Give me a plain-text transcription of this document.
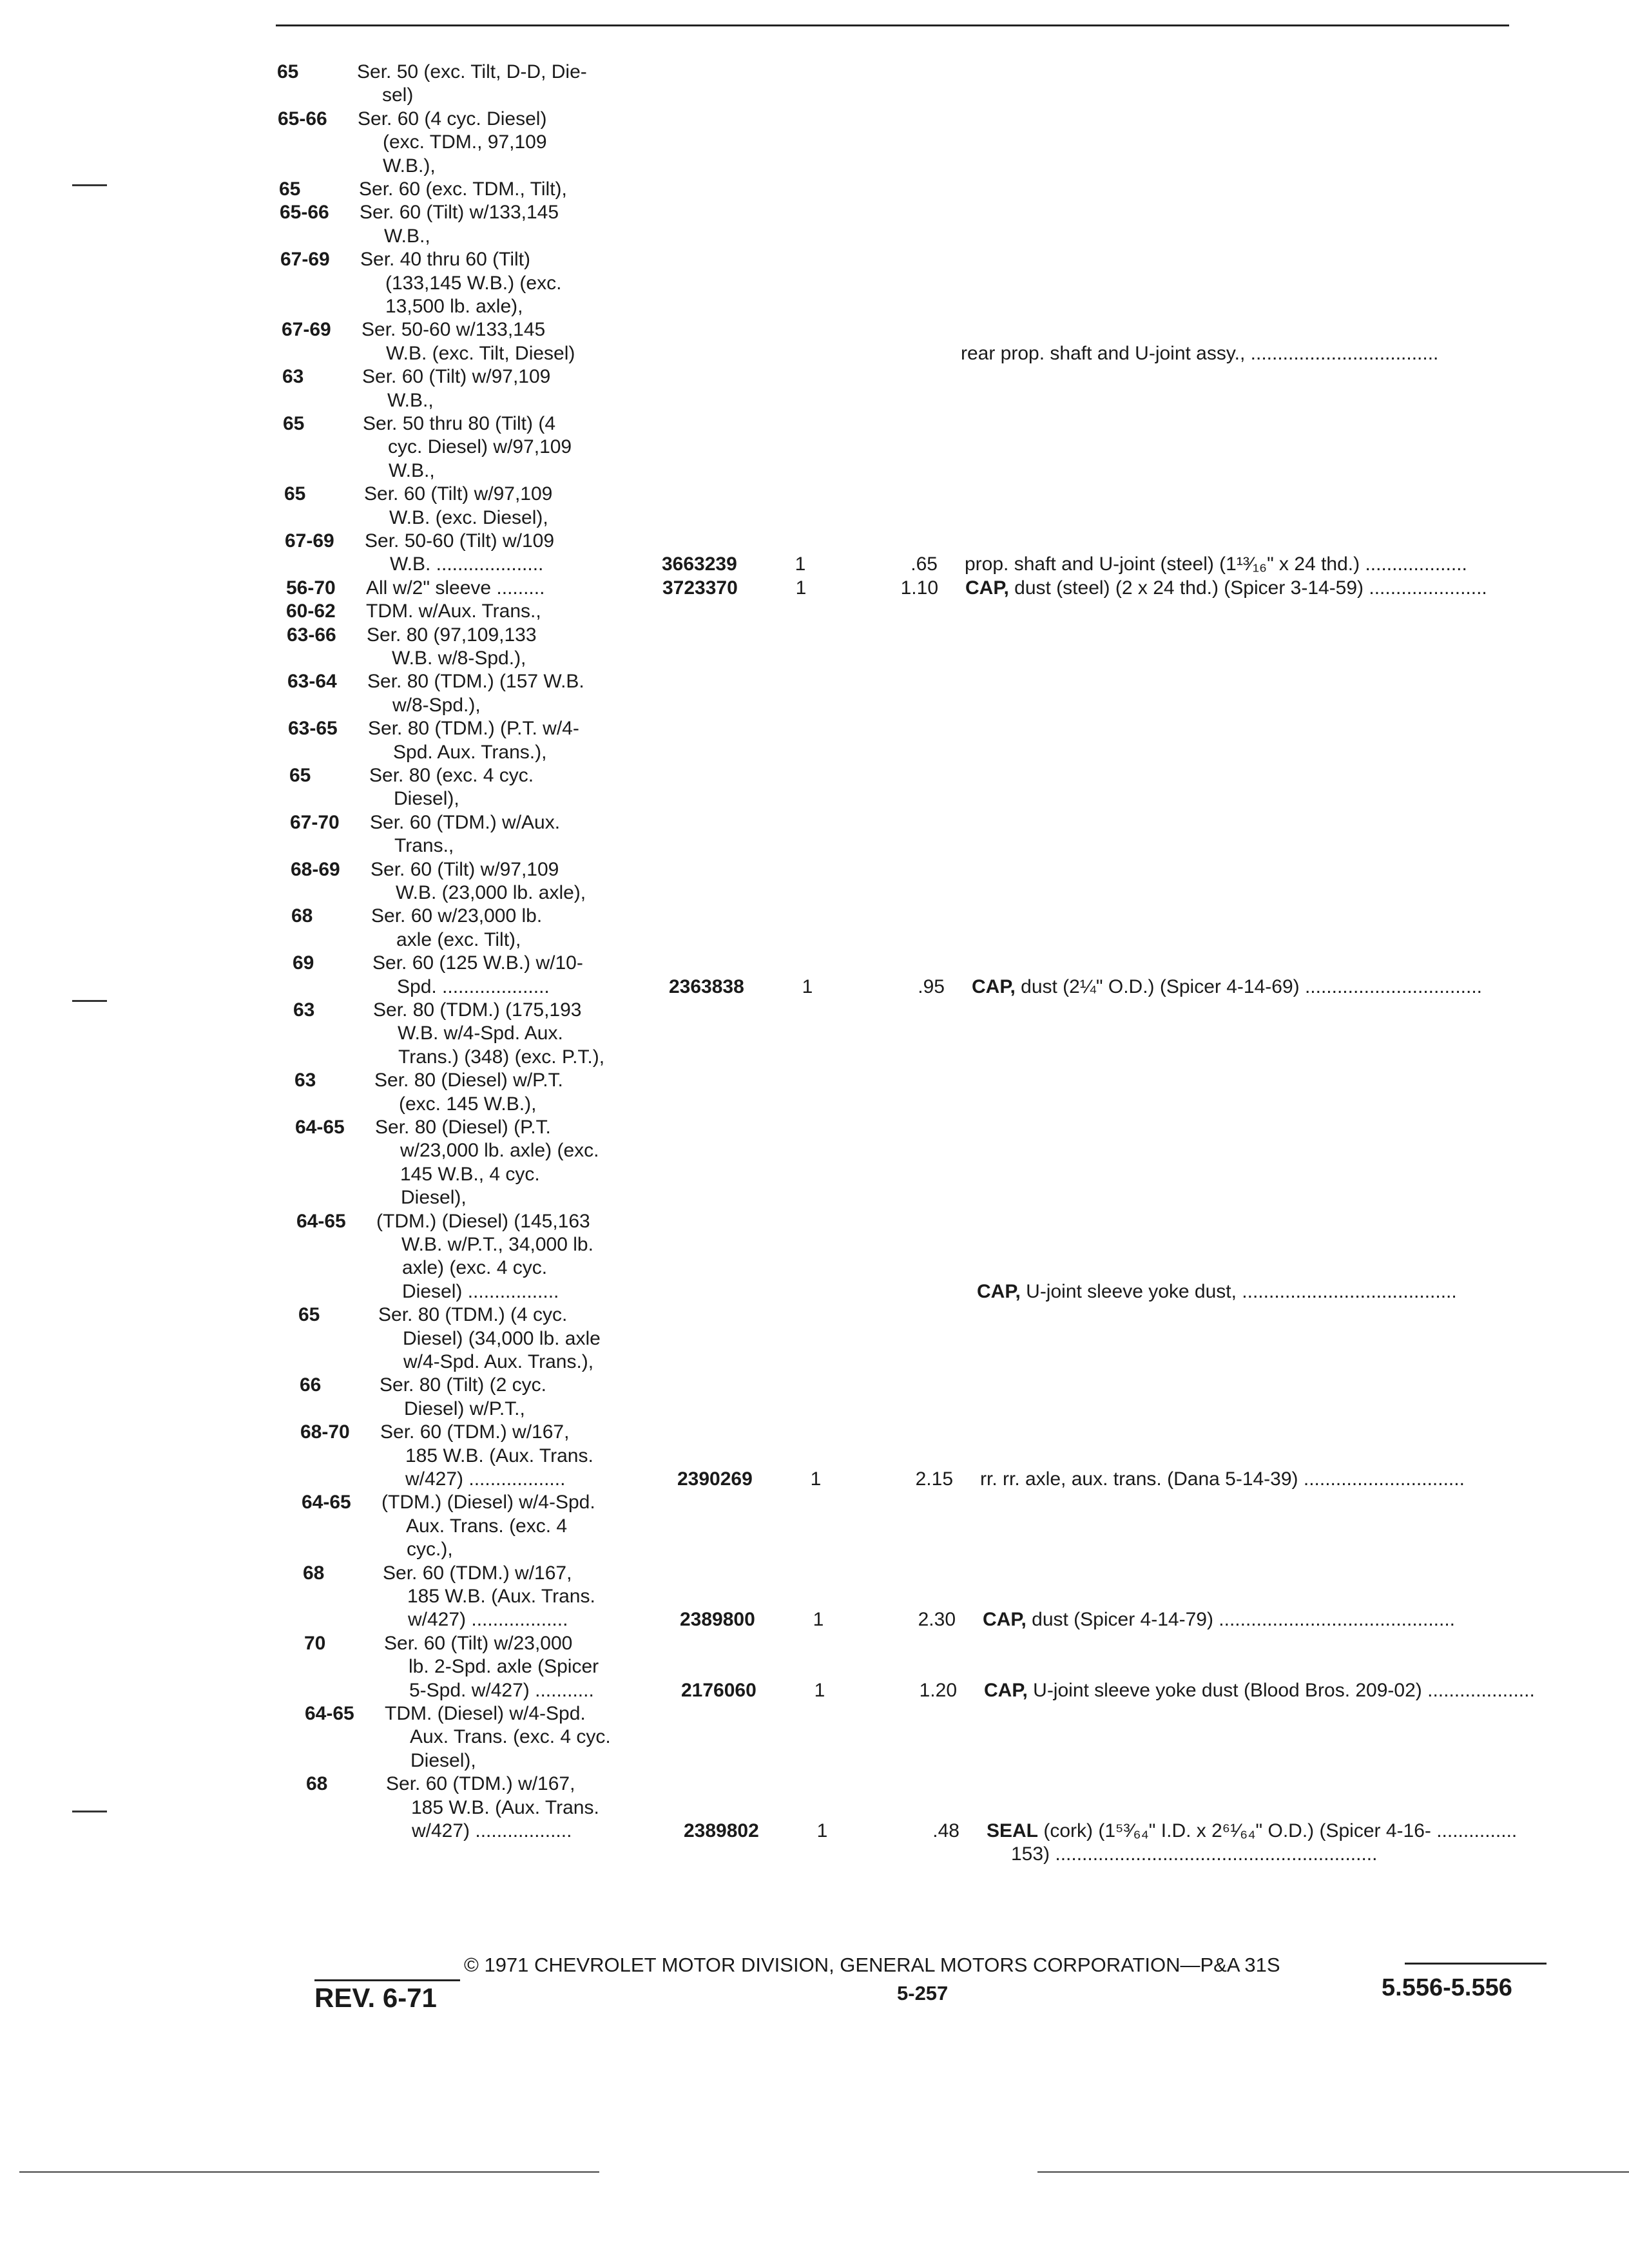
65	Ser. 50 (exc. Tilt, D-D, Die-
sel)
65-66 Ser. 60 (4 cyc. Diesel)
(exc. TDM., 97,109
W.B.),
65	Ser. 60 (exc. TDM., Tilt),
65-66 Ser. 60 (Tilt) w/133,145
W.B.,
67-69 Ser. 40 thru 60 (Tilt)
(133,145 W.B.) (exc.
13,500 lb. axle),
67-69 Ser. 50-60 w/133,145
W.B. (exc. Tilt, Diesel)	rear prop. shaft and U-joint assy., ...................................
63	Ser. 60 (Tilt) w/97,109
W.B.,
65	Ser. 50 thru 80 (Tilt) (4
cyc. Diesel) w/97,109
W.B.,
65	Ser. 60 (Tilt) w/97,109
W.B. (exc. Diesel),
67-69 Ser. 50-60 (Tilt) w/109
W.B. ....................	3663239	1	.65 prop. shaft and U-joint (steel) (1¹³⁄₁₆" x 24 thd.) ...................
56-70 All w/2" sleeve .........	3723370	1	1.10 CAP, dust (steel) (2 x 24 thd.) (Spicer 3-14-59) ......................
60-62 TDM. w/Aux. Trans.,
63-66 Ser. 80 (97,109,133
W.B. w/8-Spd.),
63-64 Ser. 80 (TDM.) (157 W.B.
w/8-Spd.),
63-65 Ser. 80 (TDM.) (P.T. w/4-
Spd. Aux. Trans.),
65	Ser. 80 (exc. 4 cyc.
Diesel),
67-70 Ser. 60 (TDM.) w/Aux.
Trans.,
68-69 Ser. 60 (Tilt) w/97,109
W.B. (23,000 lb. axle),
68	Ser. 60 w/23,000 lb.
axle (exc. Tilt),
69	Ser. 60 (125 W.B.) w/10-
Spd. ....................	2363838	1	.95 CAP, dust (2¼" O.D.) (Spicer 4-14-69) .................................
63	Ser. 80 (TDM.) (175,193
W.B. w/4-Spd. Aux.
Trans.) (348) (exc. P.T.),
63	Ser. 80 (Diesel) w/P.T.
(exc. 145 W.B.),
64-65 Ser. 80 (Diesel) (P.T.
w/23,000 lb. axle) (exc.
145 W.B., 4 cyc.
Diesel),
64-65 (TDM.) (Diesel) (145,163
W.B. w/P.T., 34,000 lb.
axle) (exc. 4 cyc.
Diesel) .................	CAP, U-joint sleeve yoke dust, ........................................
65	Ser. 80 (TDM.) (4 cyc.
Diesel) (34,000 lb. axle
w/4-Spd. Aux. Trans.),
66	Ser. 80 (Tilt) (2 cyc.
Diesel) w/P.T.,
68-70 Ser. 60 (TDM.) w/167,
185 W.B. (Aux. Trans.
w/427) ..................	2390269	1	2.15 rr. rr. axle, aux. trans. (Dana 5-14-39) ..............................
64-65 (TDM.) (Diesel) w/4-Spd.
Aux. Trans. (exc. 4
cyc.),
68	Ser. 60 (TDM.) w/167,
185 W.B. (Aux. Trans.
w/427) ..................	2389800	1	2.30 CAP, dust (Spicer 4-14-79) ............................................
70	Ser. 60 (Tilt) w/23,000
lb. 2-Spd. axle (Spicer
5-Spd. w/427) ...........	2176060	1	1.20 CAP, U-joint sleeve yoke dust (Blood Bros. 209-02) ....................
64-65 TDM. (Diesel) w/4-Spd.
Aux. Trans. (exc. 4 cyc.
Diesel),
68	Ser. 60 (TDM.) w/167,
185 W.B. (Aux. Trans.
w/427) ..................	2389802	1	.48 SEAL (cork) (1⁵³⁄₆₄" I.D. x 2⁶¹⁄₆₄" O.D.) (Spicer 4-16- ...............
153) ............................................................
© 1971 CHEVROLET MOTOR DIVISION, GENERAL MOTORS CORPORATION—P&A 31S
REV. 6-71	5-257	5.556-5.556
